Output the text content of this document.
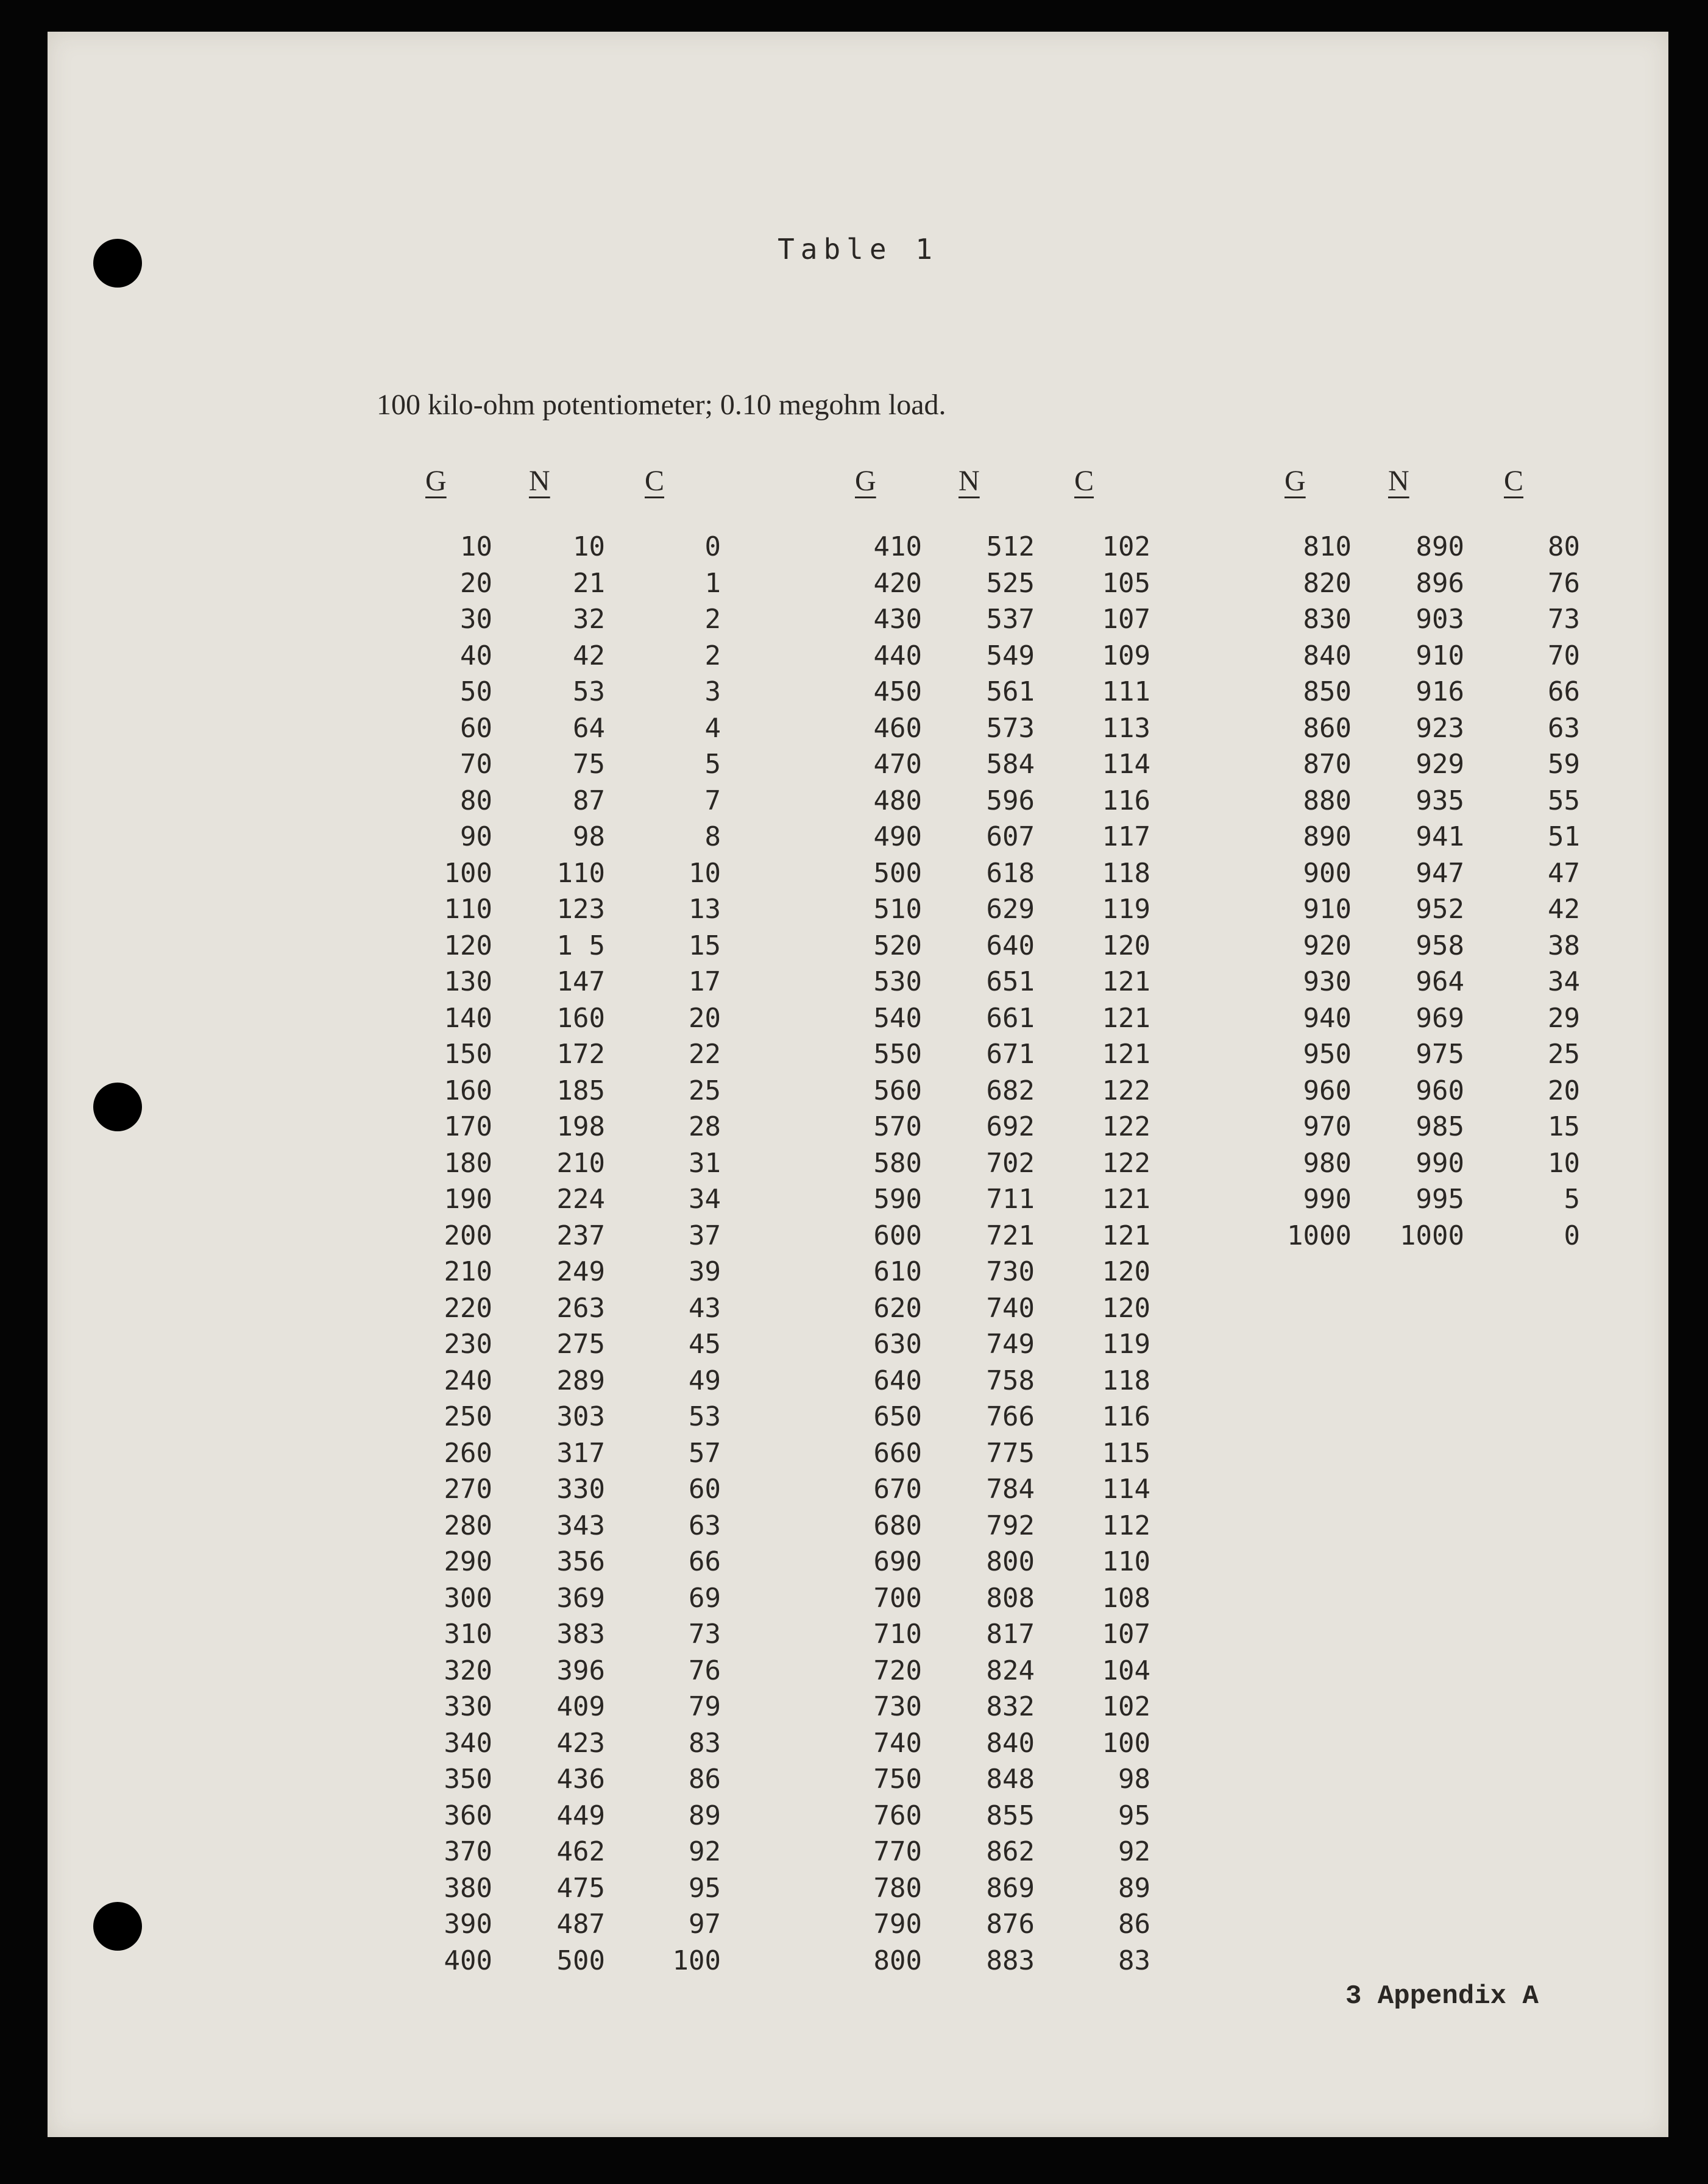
Table 1
100 kilo-ohm potentiometer; 0.10 megohm load.
G	N	C
10	10	0
20	21	1
30	32	2
40	42	2
50	53	3
60	64	4
70	75	5
80	87	7
90	98	8
100	110	10
110	123	13
120	1 5	15
130	147	17
140	160	20
150	172	22
160	185	25
170	198	28
180	210	31
190	224	34
200	237	37
210	249	39
220	263	43
230	275	45
240	289	49
250	303	53
260	317	57
270	330	60
280	343	63
290	356	66
300	369	69
310	383	73
320	396	76
330	409	79
340	423	83
350	436	86
360	449	89
370	462	92
380	475	95
390	487	97
400	500	100
G	N	C
410	512	102
420	525	105
430	537	107
440	549	109
450	561	111
460	573	113
470	584	114
480	596	116
490	607	117
500	618	118
510	629	119
520	640	120
530	651	121
540	661	121
550	671	121
560	682	122
570	692	122
580	702	122
590	711	121
600	721	121
610	730	120
620	740	120
630	749	119
640	758	118
650	766	116
660	775	115
670	784	114
680	792	112
690	800	110
700	808	108
710	817	107
720	824	104
730	832	102
740	840	100
750	848	98
760	855	95
770	862	92
780	869	89
790	876	86
800	883	83
G	N	C
810	890	80
820	896	76
830	903	73
840	910	70
850	916	66
860	923	63
870	929	59
880	935	55
890	941	51
900	947	47
910	952	42
920	958	38
930	964	34
940	969	29
950	975	25
960	960	20
970	985	15
980	990	10
990	995	5
1000	1000	0
3 Appendix A
